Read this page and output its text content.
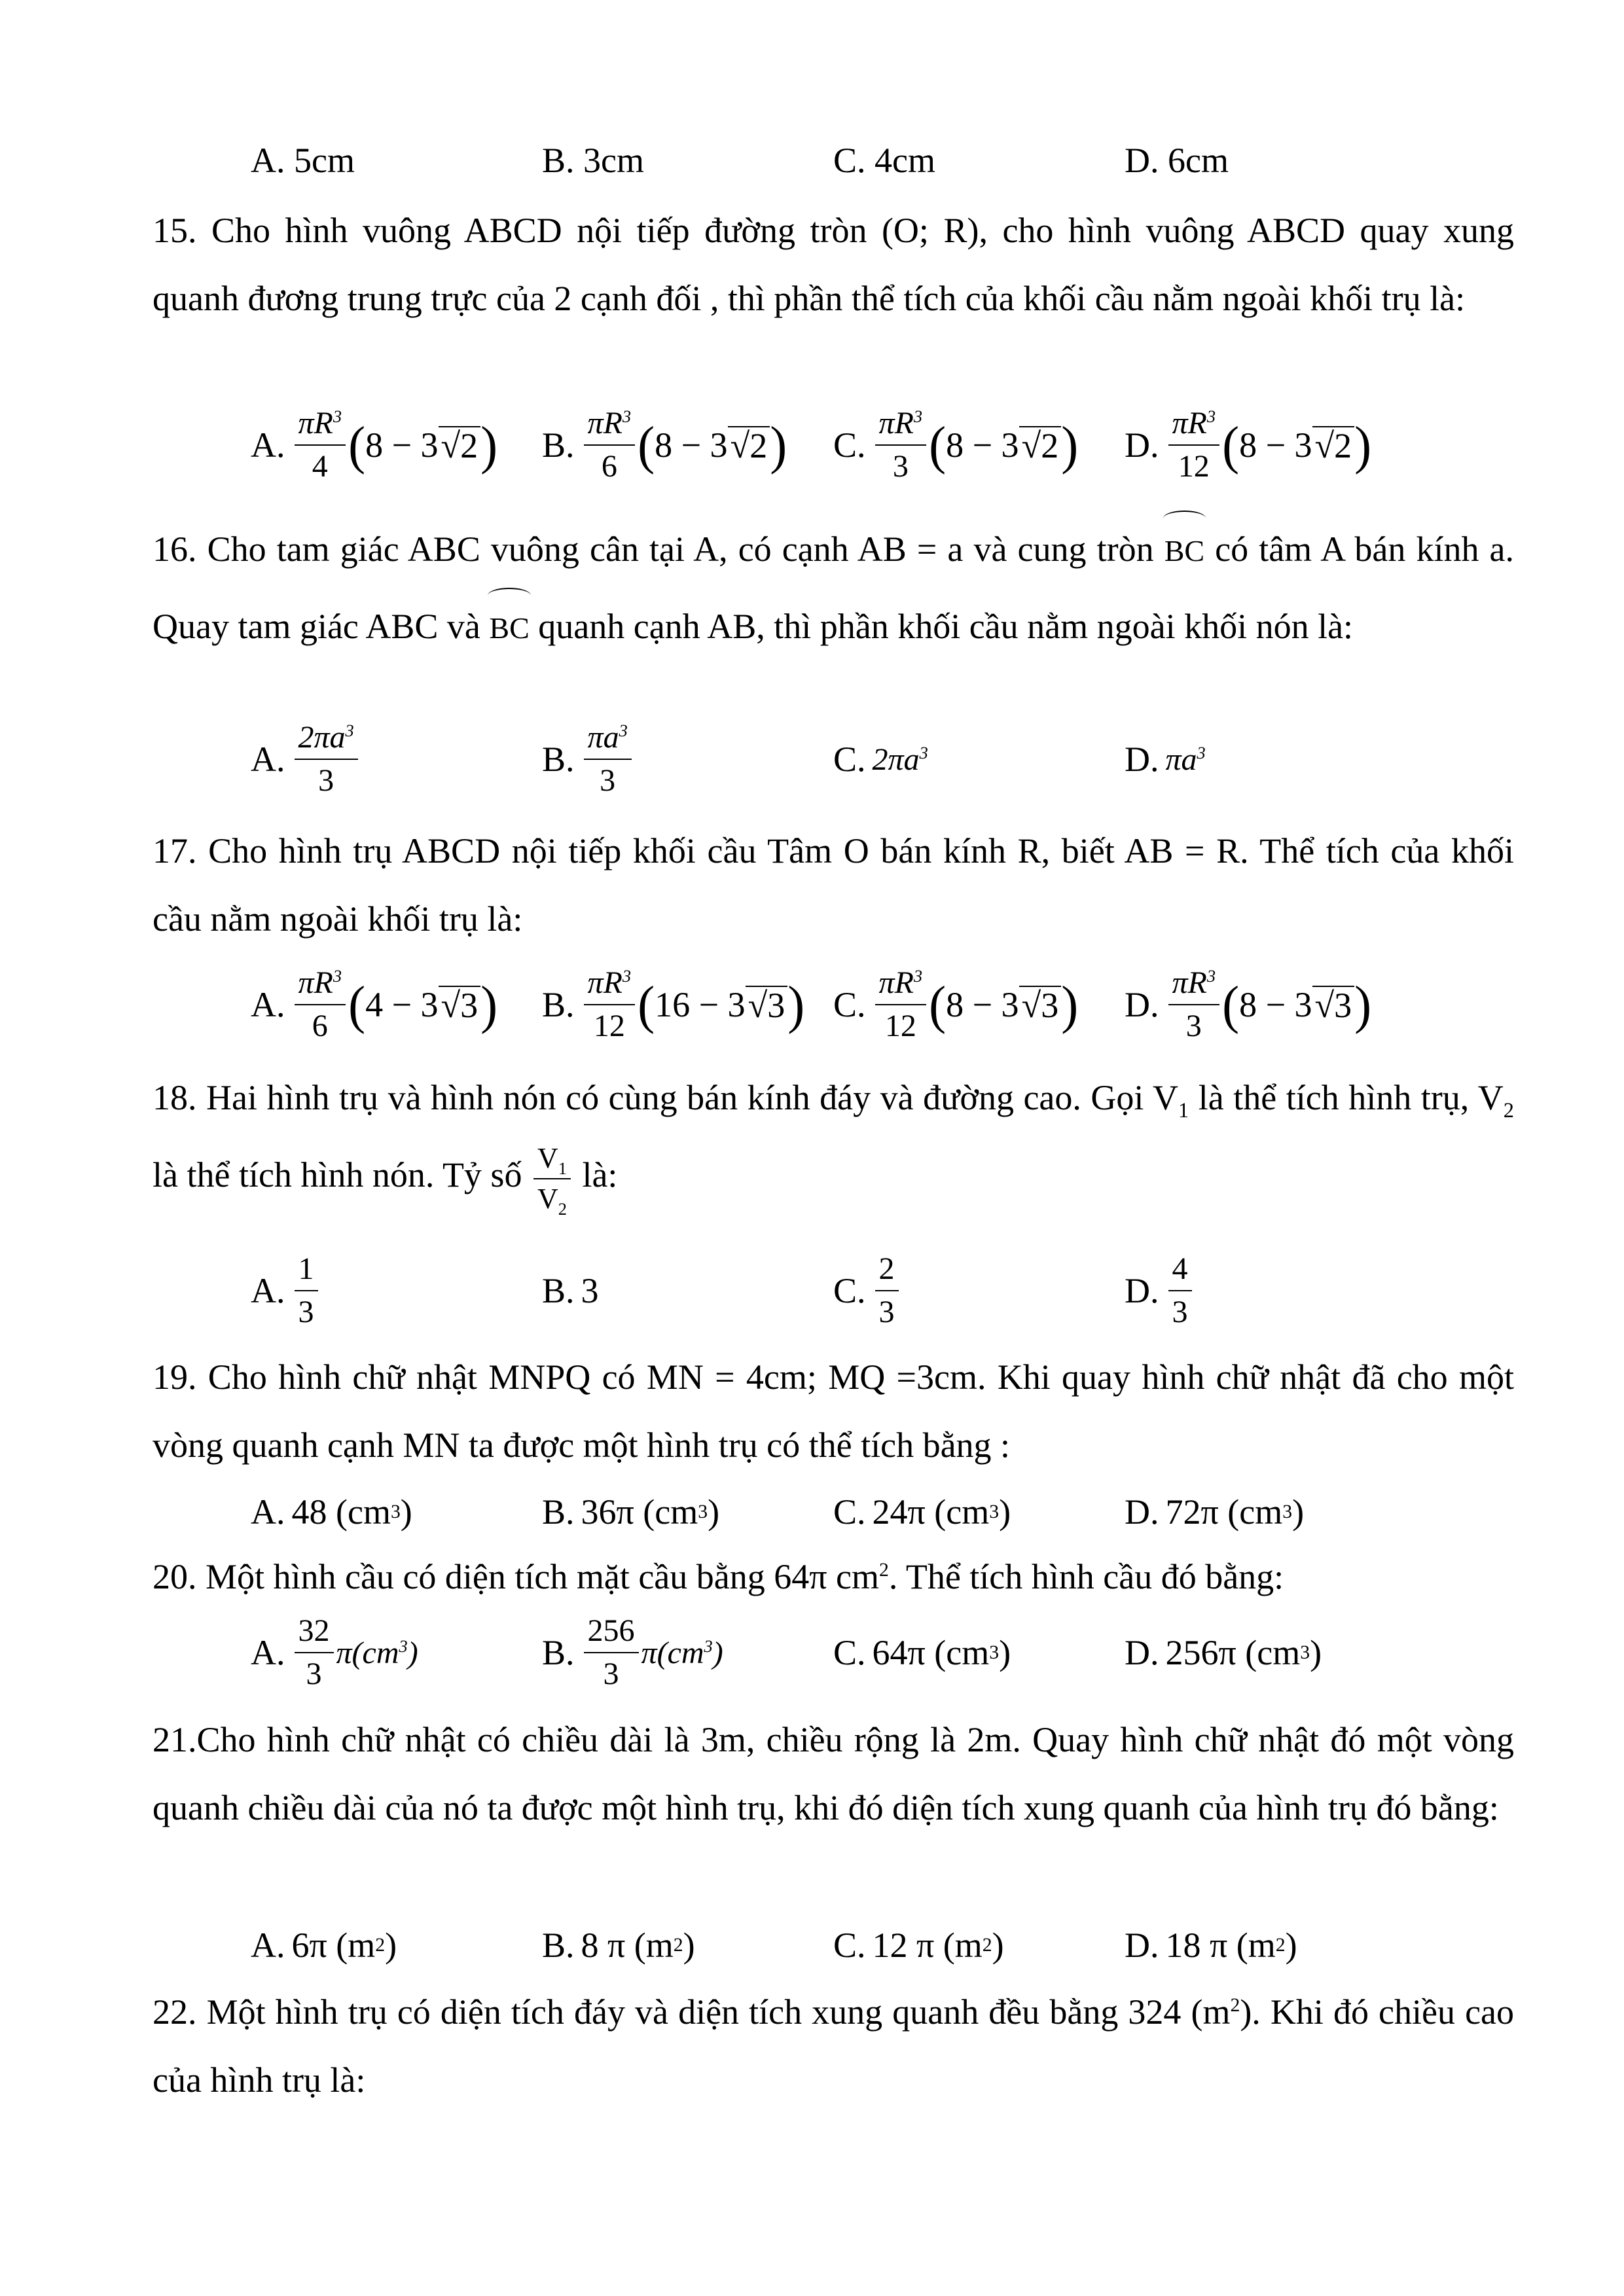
A. 5cm	B. 3cm	C. 4cm	D. 6cm
15. Cho hình vuông ABCD nội tiếp đường tròn (O; R), cho hình vuông ABCD quay xung quanh đương trung trực của 2 cạnh đối , thì phần thể tích của khối cầu nằm ngoài khối trụ là:
A. $\frac{\pi R^3}{4}$ ( 8 − 3 √2 ) B. $\frac{\pi R^3}{6}$ ( 8 − 3 √2 ) C. $\frac{\pi R^3}{3}$ ( 8 − 3 √2 ) D. $\frac{\pi R^3}{12}$ ( 8 − 3 √2 )
16. Cho tam giác ABC vuông cân tại A, có cạnh AB = a và cung tròn BC có tâm A bán kính a. Quay tam giác ABC và BC quanh cạnh AB, thì phần khối cầu nằm ngoài khối nón là:
A. $\frac{2\pi a^3}{3}$	B. $\frac{\pi a^3}{3}$	C. $2\pi a^3$	D. $\pi a^3$
17. Cho hình trụ ABCD nội tiếp khối cầu Tâm O bán kính R, biết AB = R. Thể tích của khối cầu nằm ngoài khối trụ là:
A. $\frac{\pi R^3}{6}$ ( 4 − 3 √3 ) B. $\frac{\pi R^3}{12}$ ( 16 − 3 √3 ) C. $\frac{\pi R^3}{12}$ ( 8 − 3 √3 ) D. $\frac{\pi R^3}{3}$ ( 8 − 3 √3 )
18. Hai hình trụ và hình nón có cùng bán kính đáy và đường cao. Gọi $V_1$ là thể tích hình trụ, $V_2$ là thể tích hình nón. Tỷ số $\frac{V_1}{V_2}$ là:
A. $\frac{1}{3}$	B. 3	C. $\frac{2}{3}$	D. $\frac{4}{3}$
19. Cho hình chữ nhật MNPQ có MN = 4cm; MQ =3cm. Khi quay hình chữ nhật đã cho một vòng quanh cạnh MN ta được một hình trụ có thể tích bằng :
A. 48 (cm 3 )	B. 36π (cm 3 )	C. 24π (cm 3 )	D. 72π (cm 3 )
20. Một hình cầu có diện tích mặt cầu bằng 64π $cm^2$. Thể tích hình cầu đó bằng:
A. $\frac{32}{3} \pi(cm^3)$	B. $\frac{256}{3} \pi(cm^3)$	C. 64π (cm 3 )	D. 256π (cm 3 )
21.Cho hình chữ nhật có chiều dài là 3m, chiều rộng là 2m. Quay hình chữ nhật đó một vòng quanh chiều dài của nó ta được một hình trụ, khi đó diện tích xung quanh của hình trụ đó bằng:
A. 6π (m 2 )	B. 8 π (m 2 )	C. 12 π (m 2 )	D. 18 π (m 2 )
22. Một hình trụ có diện tích đáy và diện tích xung quanh đều bằng 324 $(m^2)$. Khi đó chiều cao của hình trụ là:
